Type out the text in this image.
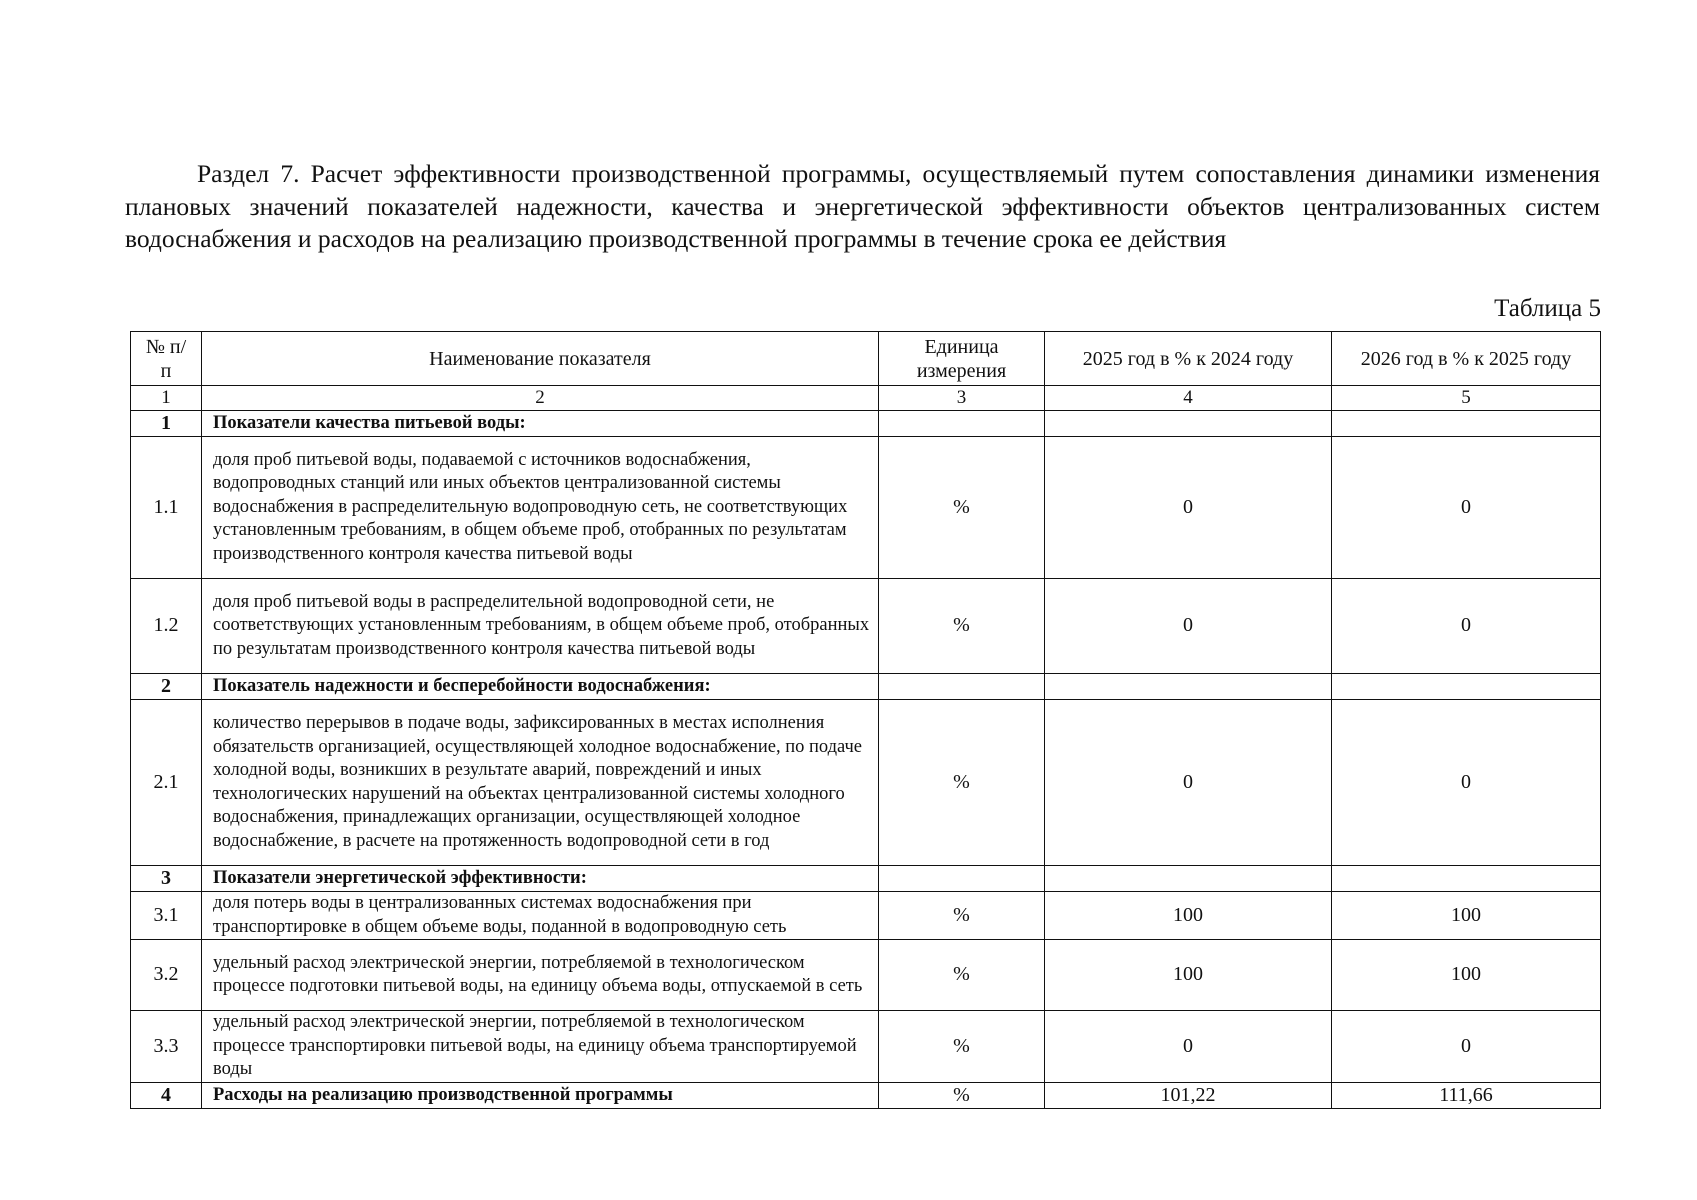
Раздел 7. Расчет эффективности производственной программы, осуществляемый путем сопоставления динамики изменения плановых значений показателей надежности, качества и энергетической эффективности объектов централизованных систем водоснабжения и расходов на реализацию производственной программы в течение срока ее действия
Таблица 5
№ п/п	Наименование показателя	Единица измерения	2025 год в % к 2024 году	2026 год в % к 2025 году
1	2	3	4	5
1	Показатели качества питьевой воды:			
1.1	доля проб питьевой воды, подаваемой с источников водоснабжения, водопроводных станций или иных объектов централизованной системы водоснабжения в распределительную водопроводную сеть, не соответствующих установленным требованиям, в общем объеме проб, отобранных по результатам производственного контроля качества питьевой воды	%	0	0
1.2	доля проб питьевой воды в распределительной водопроводной сети, не соответствующих установленным требованиям, в общем объеме проб, отобранных по результатам производственного контроля качества питьевой воды	%	0	0
2	Показатель надежности и бесперебойности водоснабжения:			
2.1	количество перерывов в подаче воды, зафиксированных в местах исполнения обязательств организацией, осуществляющей холодное водоснабжение, по подаче холодной воды, возникших в результате аварий, повреждений и иных технологических нарушений на объектах централизованной системы холодного водоснабжения, принадлежащих организации, осуществляющей холодное водоснабжение, в расчете на протяженность водопроводной сети в год	%	0	0
3	Показатели энергетической эффективности:			
3.1	доля потерь воды в централизованных системах водоснабжения при транспортировке в общем объеме воды, поданной в водопроводную сеть	%	100	100
3.2	удельный расход электрической энергии, потребляемой в технологическом процессе подготовки питьевой воды, на единицу объема воды, отпускаемой в сеть	%	100	100
3.3	удельный расход электрической энергии, потребляемой в технологическом процессе транспортировки питьевой воды, на единицу объема транспортируемой воды	%	0	0
4	Расходы на реализацию производственной программы	%	101,22	111,66
